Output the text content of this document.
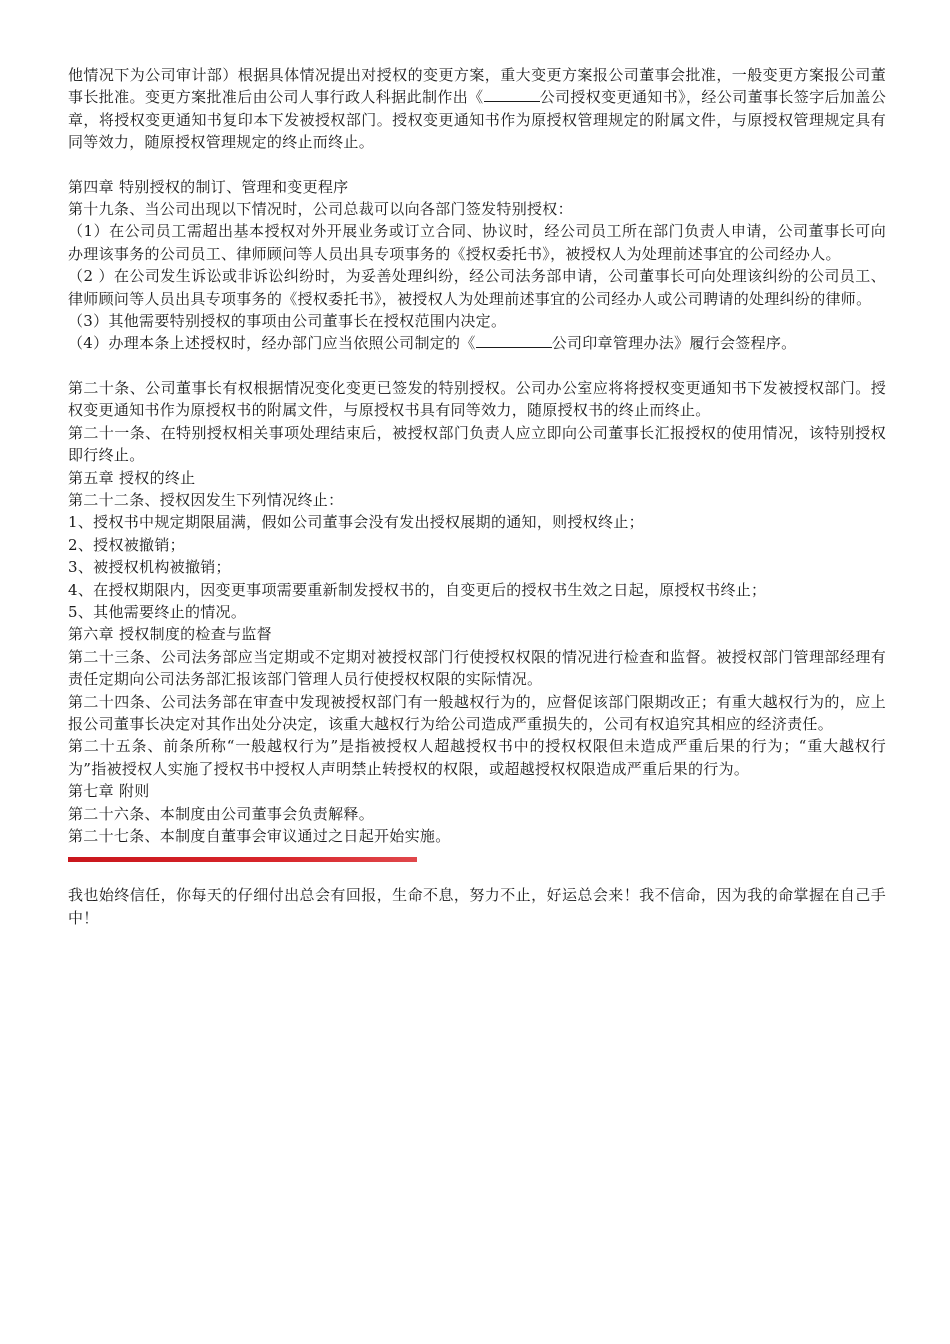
他情况下为公司审计部）根据具体情况提出对授权的变更方案，重大变更方案报公司董事会批准，一般变更方案报公司董事长批准。变更方案批准后由公司人事行政人科据此制作出《	公司授权变更通知书》，经公司董事长签字后加盖公章，将授权变更通知书复印本下发被授权部门。授权变更通知书作为原授权管理规定的附属文件，与原授权管理规定具有同等效力，随原授权管理规定的终止而终止。

第四章 特别授权的制订、管理和变更程序

第十九条、当公司出现以下情况时，公司总裁可以向各部门签发特别授权：

（1）在公司员工需超出基本授权对外开展业务或订立合同、协议时，经公司员工所在部门负责人申请，公司董事长可向办理该事务的公司员工、律师顾问等人员出具专项事务的《授权委托书》，被授权人为处理前述事宜的公司经办人。

（2 ）在公司发生诉讼或非诉讼纠纷时，为妥善处理纠纷，经公司法务部申请，公司董事长可向处理该纠纷的公司员工、律师顾问等人员出具专项事务的《授权委托书》，被授权人为处理前述事宜的公司经办人或公司聘请的处理纠纷的律师。

（3）其他需要特别授权的事项由公司董事长在授权范围内决定。

（4）办理本条上述授权时，经办部门应当依照公司制定的《	公司印章管理办法》履行会签程序。

第二十条、公司董事长有权根据情况变化变更已签发的特别授权。公司办公室应将将授权变更通知书下发被授权部门。授权变更通知书作为原授权书的附属文件，与原授权书具有同等效力，随原授权书的终止而终止。

第二十一条、在特别授权相关事项处理结束后，被授权部门负责人应立即向公司董事长汇报授权的使用情况，该特别授权即行终止。

第五章 授权的终止

第二十二条、授权因发生下列情况终止：

1、授权书中规定期限届满，假如公司董事会没有发出授权展期的通知，则授权终止；

2、授权被撤销；

3、被授权机构被撤销；

4、在授权期限内，因变更事项需要重新制发授权书的，自变更后的授权书生效之日起，原授权书终止；

5、其他需要终止的情况。

第六章 授权制度的检查与监督

第二十三条、公司法务部应当定期或不定期对被授权部门行使授权权限的情况进行检查和监督。被授权部门管理部经理有责任定期向公司法务部汇报该部门管理人员行使授权权限的实际情况。

第二十四条、公司法务部在审查中发现被授权部门有一般越权行为的，应督促该部门限期改正；有重大越权行为的，应上报公司董事长决定对其作出处分决定，该重大越权行为给公司造成严重损失的，公司有权追究其相应的经济责任。

第二十五条、前条所称“一般越权行为”是指被授权人超越授权书中的授权权限但未造成严重后果的行为；“重大越权行为”指被授权人实施了授权书中授权人声明禁止转授权的权限，或超越授权权限造成严重后果的行为。

第七章 附则

第二十六条、本制度由公司董事会负责解释。

第二十七条、本制度自董事会审议通过之日起开始实施。

我也始终信任，你每天的仔细付出总会有回报，生命不息，努力不止，好运总会来！我不信命，因为我的命掌握在自己手中！
